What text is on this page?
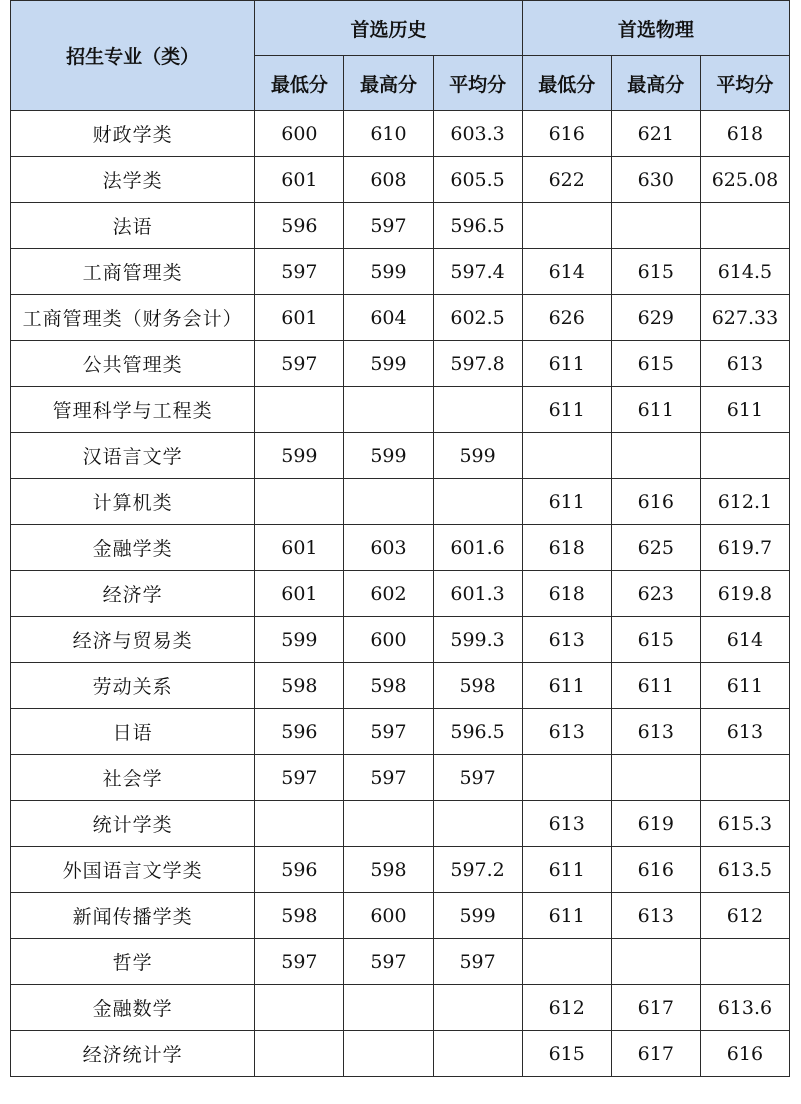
招生专业（类）	首选历史			首选物理		
	最低分	最高分	平均分	最低分	最高分	平均分
财政学类	600	610	603.3	616	621	618
法学类	601	608	605.5	622	630	625.08
法语	596	597	596.5			
工商管理类	597	599	597.4	614	615	614.5
工商管理类（财务会计）	601	604	602.5	626	629	627.33
公共管理类	597	599	597.8	611	615	613
管理科学与工程类				611	611	611
汉语言文学	599	599	599			
计算机类				611	616	612.1
金融学类	601	603	601.6	618	625	619.7
经济学	601	602	601.3	618	623	619.8
经济与贸易类	599	600	599.3	613	615	614
劳动关系	598	598	598	611	611	611
日语	596	597	596.5	613	613	613
社会学	597	597	597			
统计学类				613	619	615.3
外国语言文学类	596	598	597.2	611	616	613.5
新闻传播学类	598	600	599	611	613	612
哲学	597	597	597			
金融数学				612	617	613.6
经济统计学				615	617	616
